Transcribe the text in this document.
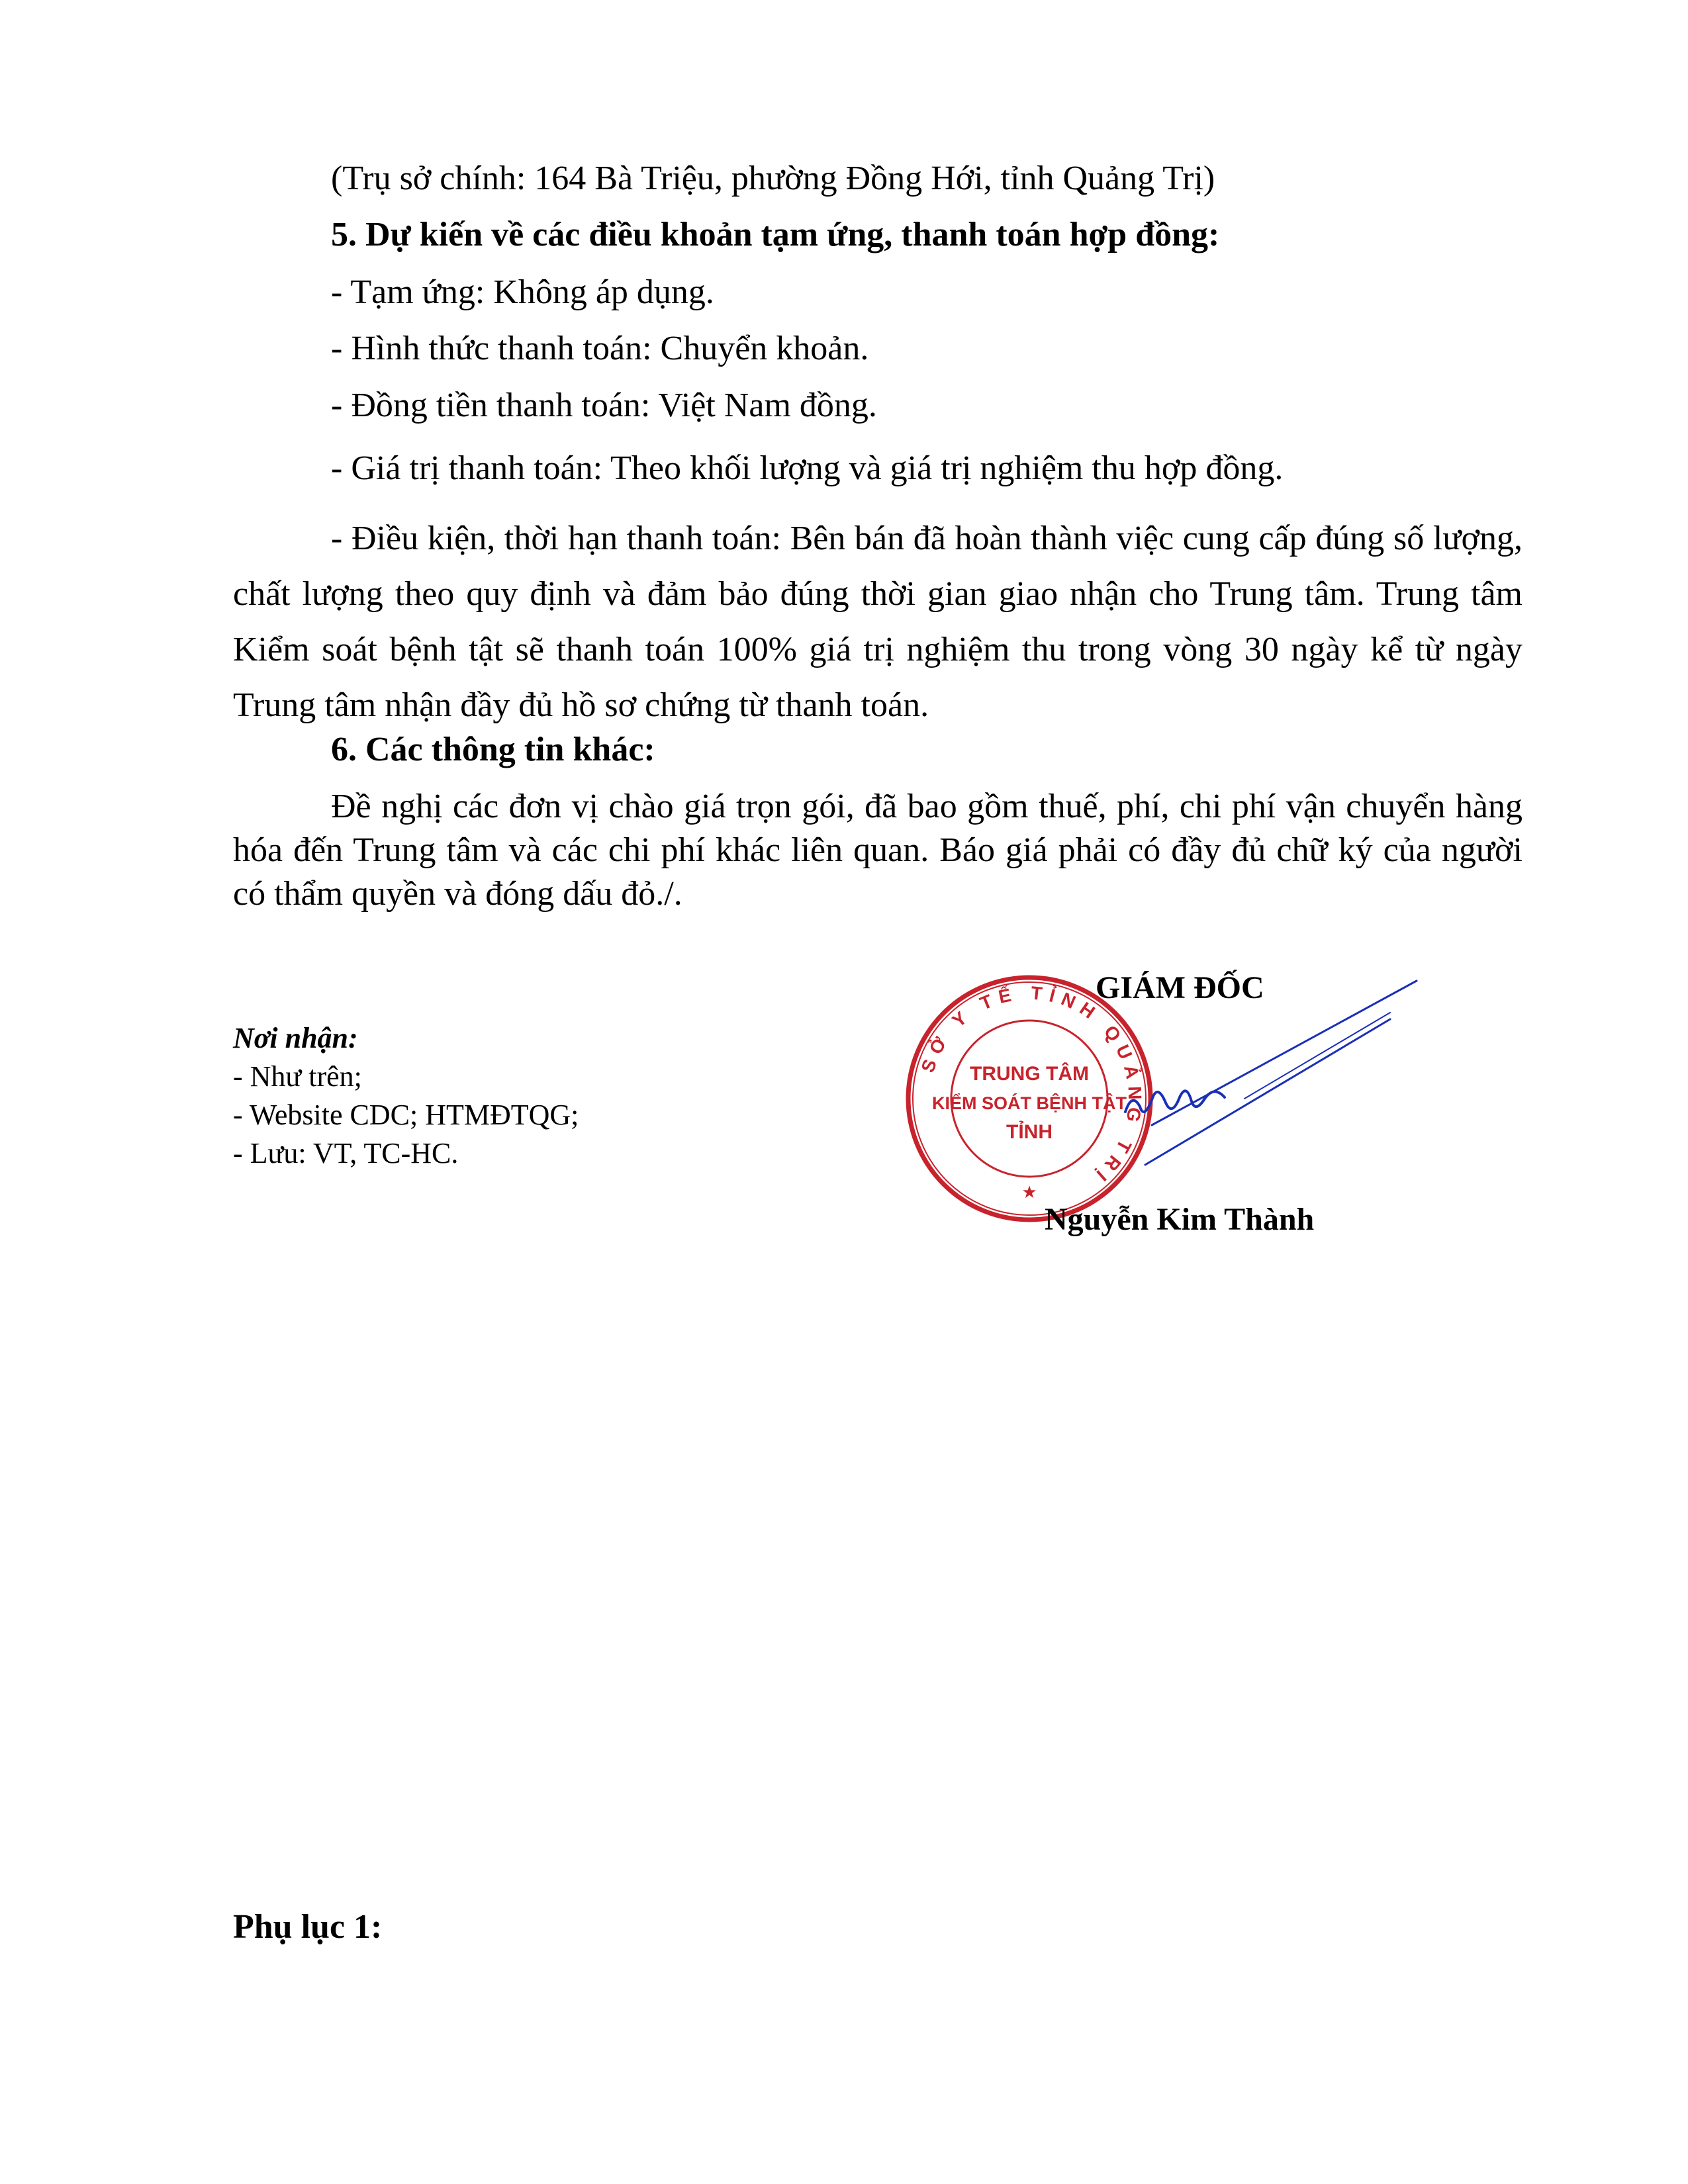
(Trụ sở chính: 164 Bà Triệu, phường Đồng Hới, tỉnh Quảng Trị)
5. Dự kiến về các điều khoản tạm ứng, thanh toán hợp đồng:
- Tạm ứng: Không áp dụng.
- Hình thức thanh toán: Chuyển khoản.
- Đồng tiền thanh toán: Việt Nam đồng.
- Giá trị thanh toán: Theo khối lượng và giá trị nghiệm thu hợp đồng.
- Điều kiện, thời hạn thanh toán: Bên bán đã hoàn thành việc cung cấp đúng số lượng, chất lượng theo quy định và đảm bảo đúng thời gian giao nhận cho Trung tâm. Trung tâm Kiểm soát bệnh tật sẽ thanh toán 100% giá trị nghiệm thu trong vòng 30 ngày kể từ ngày Trung tâm nhận đầy đủ hồ sơ chứng từ thanh toán.
6. Các thông tin khác:
Đề nghị các đơn vị chào giá trọn gói, đã bao gồm thuế, phí, chi phí vận chuyển hàng hóa đến Trung tâm và các chi phí khác liên quan. Báo giá phải có đầy đủ chữ ký của người có thẩm quyền và đóng dấu đỏ./.
Nơi nhận:
- Như trên;
- Website CDC; HTMĐTQG;
- Lưu: VT, TC-HC.
SỞ Y TẾ TỈNH QUẢNG TRỊ
★
TRUNG TÂM
KIỂM SOÁT BỆNH TẬT
TỈNH
GIÁM ĐỐC
Nguyễn Kim Thành
Phụ lục 1:
